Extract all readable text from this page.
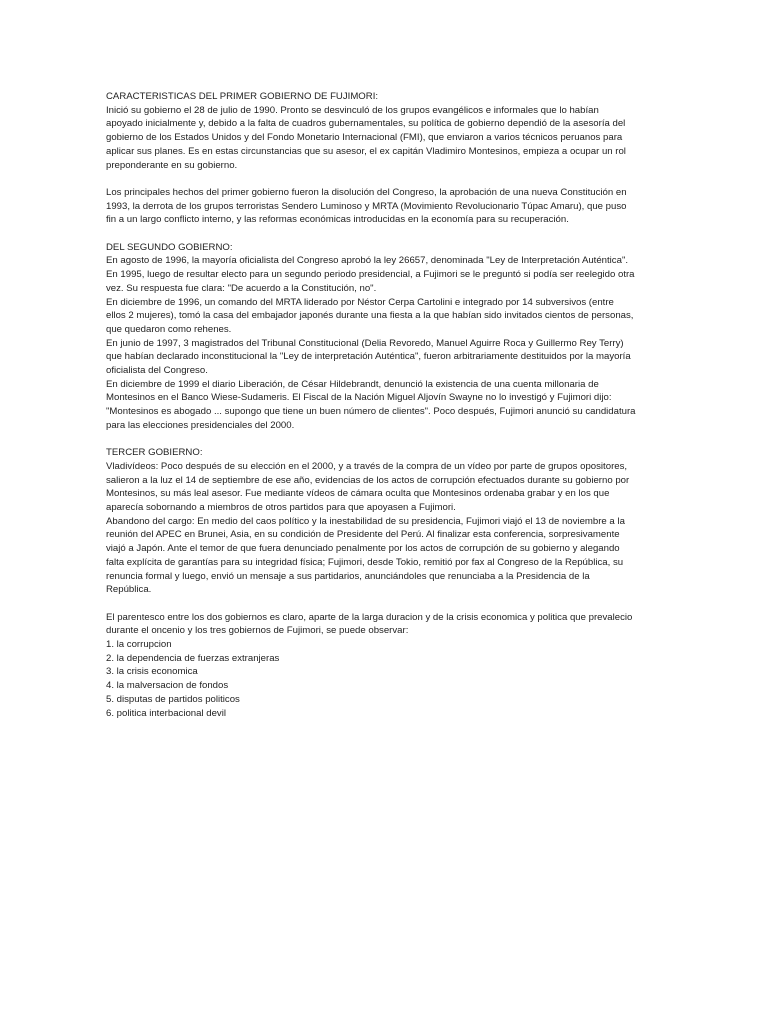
CARACTERISTICAS DEL PRIMER GOBIERNO DE FUJIMORI:
Inició su gobierno el 28 de julio de 1990. Pronto se desvinculó de los grupos evangélicos e informales que lo habían
apoyado inicialmente y, debido a la falta de cuadros gubernamentales, su política de gobierno dependió de la asesoría del
gobierno de los Estados Unidos y del Fondo Monetario Internacional (FMI), que enviaron a varios técnicos peruanos para
aplicar sus planes. Es en estas circunstancias que su asesor, el ex capitán Vladimiro Montesinos, empieza a ocupar un rol
preponderante en su gobierno.
Los principales hechos del primer gobierno fueron la disolución del Congreso, la aprobación de una nueva Constitución en
1993, la derrota de los grupos terroristas Sendero Luminoso y MRTA (Movimiento Revolucionario Túpac Amaru), que puso
fin a un largo conflicto interno, y las reformas económicas introducidas en la economía para su recuperación.
DEL SEGUNDO GOBIERNO:
En agosto de 1996, la mayoría oficialista del Congreso aprobó la ley 26657, denominada "Ley de Interpretación Auténtica".
En 1995, luego de resultar electo para un segundo periodo presidencial, a Fujimori se le preguntó si podía ser reelegido otra
vez. Su respuesta fue clara: "De acuerdo a la Constitución, no".
En diciembre de 1996, un comando del MRTA liderado por Néstor Cerpa Cartolini e integrado por 14 subversivos (entre
ellos 2 mujeres), tomó la casa del embajador japonés durante una fiesta a la que habían sido invitados cientos de personas,
que quedaron como rehenes.
En junio de 1997, 3 magistrados del Tribunal Constitucional (Delia Revoredo, Manuel Aguirre Roca y Guillermo Rey Terry)
que habían declarado inconstitucional la "Ley de interpretación Auténtica", fueron arbitrariamente destituidos por la mayoría
oficialista del Congreso.
En diciembre de 1999 el diario Liberación, de César Hildebrandt, denunció la existencia de una cuenta millonaria de
Montesinos en el Banco Wiese-Sudameris. El Fiscal de la Nación Miguel Aljovín Swayne no lo investigó y Fujimori dijo:
"Montesinos es abogado ... supongo que tiene un buen número de clientes". Poco después, Fujimori anunció su candidatura
para las elecciones presidenciales del 2000.
TERCER GOBIERNO:
Vladivídeos: Poco después de su elección en el 2000, y a través de la compra de un vídeo por parte de grupos opositores,
salieron a la luz el 14 de septiembre de ese año, evidencias de los actos de corrupción efectuados durante su gobierno por
Montesinos, su más leal asesor. Fue mediante vídeos de cámara oculta que Montesinos ordenaba grabar y en los que
aparecía sobornando a miembros de otros partidos para que apoyasen a Fujimori.
Abandono del cargo: En medio del caos político y la inestabilidad de su presidencia, Fujimori viajó el 13 de noviembre a la
reunión del APEC en Brunei, Asia, en su condición de Presidente del Perú. Al finalizar esta conferencia, sorpresivamente
viajó a Japón. Ante el temor de que fuera denunciado penalmente por los actos de corrupción de su gobierno y alegando
falta explícita de garantías para su integridad física; Fujimori, desde Tokio, remitió por fax al Congreso de la República, su
renuncia formal y luego, envió un mensaje a sus partidarios, anunciándoles que renunciaba a la Presidencia de la
República.
El parentesco entre los dos gobiernos es claro, aparte de la larga duracion y de la crisis economica y politica que prevalecio
durante el oncenio y los tres gobiernos de Fujimori, se puede observar:
1. la corrupcion
2. la dependencia de fuerzas extranjeras
3. la crisis economica
4. la malversacion de fondos
5. disputas de partidos politicos
6. politica interbacional devil
